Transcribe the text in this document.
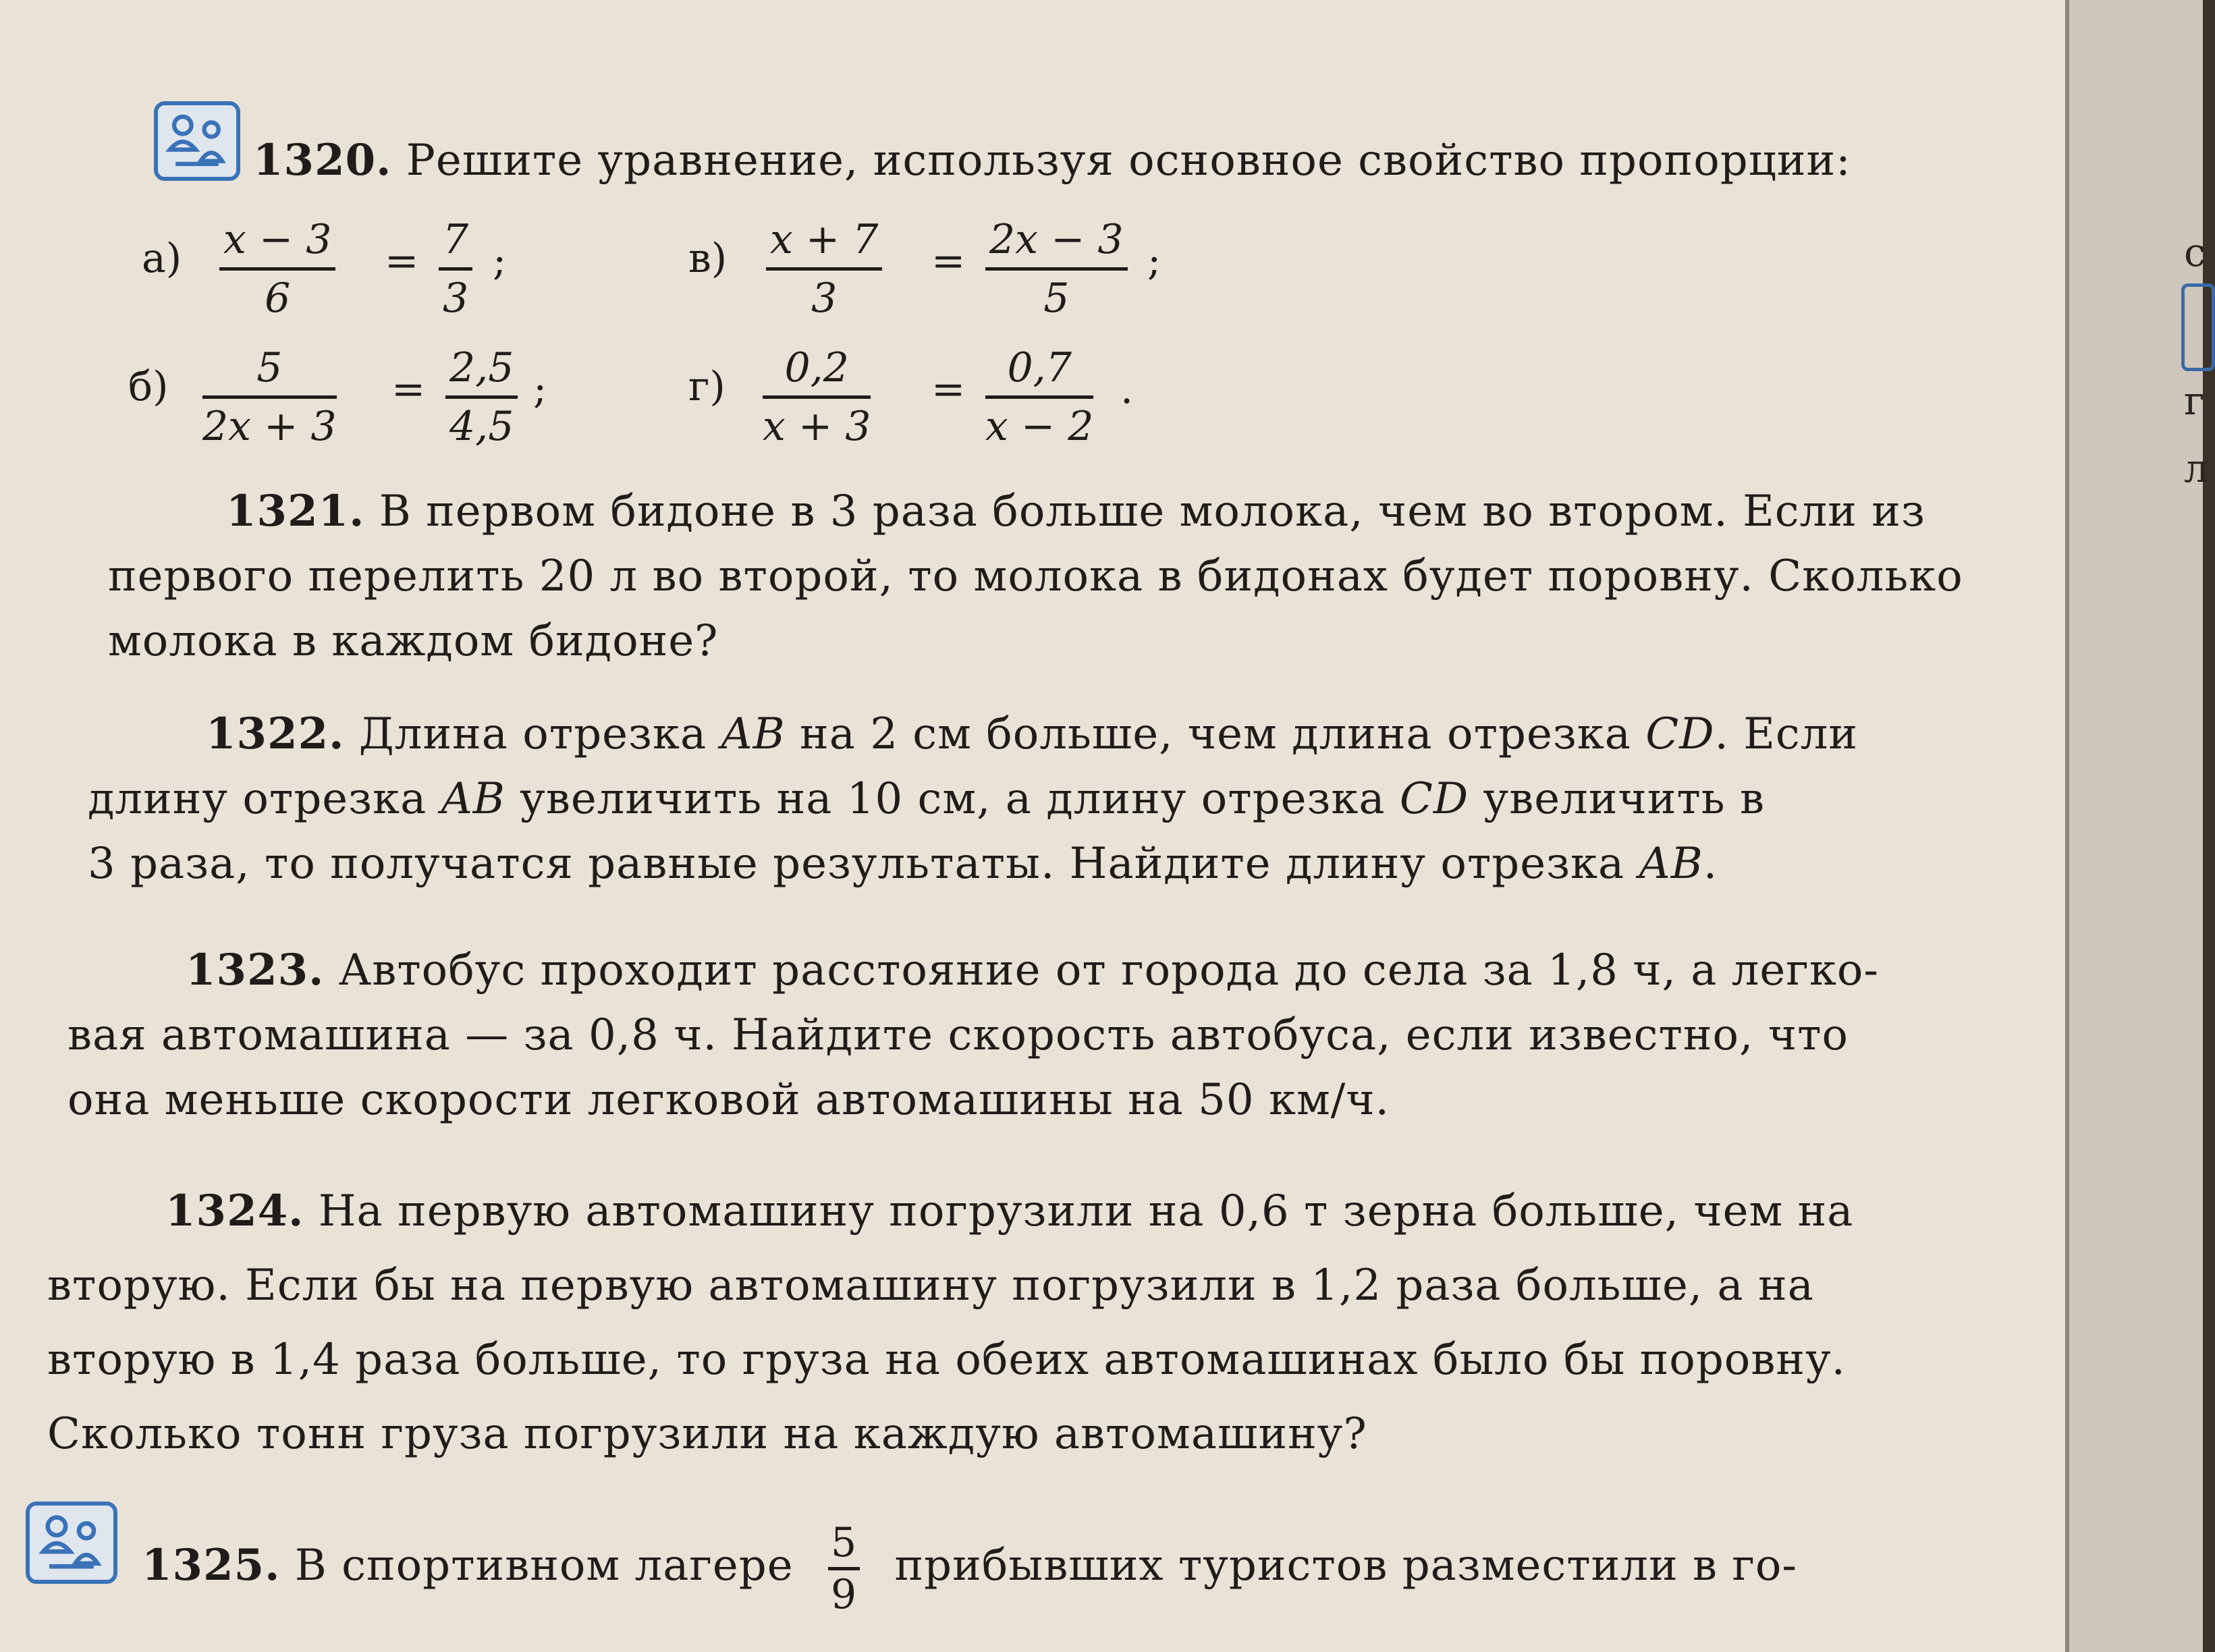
1320. Решите уравнение, используя основное свойство пропорции:
$а) \frac{x - 3}{6} = \frac{7}{3}$ ;	$в) \frac{x + 7}{3} = \frac{2x - 3}{5}$ ;
$б) \frac{5}{2x + 3} = \frac{2,5}{4,5}$ ;	$г) \frac{0,2}{x + 3} = \frac{0,7}{x - 2}$ .
1321. В первом бидоне в 3 раза больше молока, чем во втором. Если из
первого перелить 20 л во второй, то молока в бидонах будет поровну. Сколько
молока в каждом бидоне?
1322. Длина отрезка AB на 2 см больше, чем длина отрезка CD. Если
длину отрезка AB увеличить на 10 см, а длину отрезка CD увеличить в
3 раза, то получатся равные результаты. Найдите длину отрезка AB.
1323. Автобус проходит расстояние от города до села за 1,8 ч, а легко-
вая автомашина — за 0,8 ч. Найдите скорость автобуса, если известно, что
она меньше скорости легковой автомашины на 50 км/ч.
1324. На первую автомашину погрузили на 0,6 т зерна больше, чем на
вторую. Если бы на первую автомашину погрузили в 1,2 раза больше, а на
вторую в 1,4 раза больше, то груза на обеих автомашинах было бы поровну.
Сколько тонн груза погрузили на каждую автомашину?
1325. В спортивном лагере $\frac{5}{9}$ прибывших туристов разместили в го-
с
г
л
